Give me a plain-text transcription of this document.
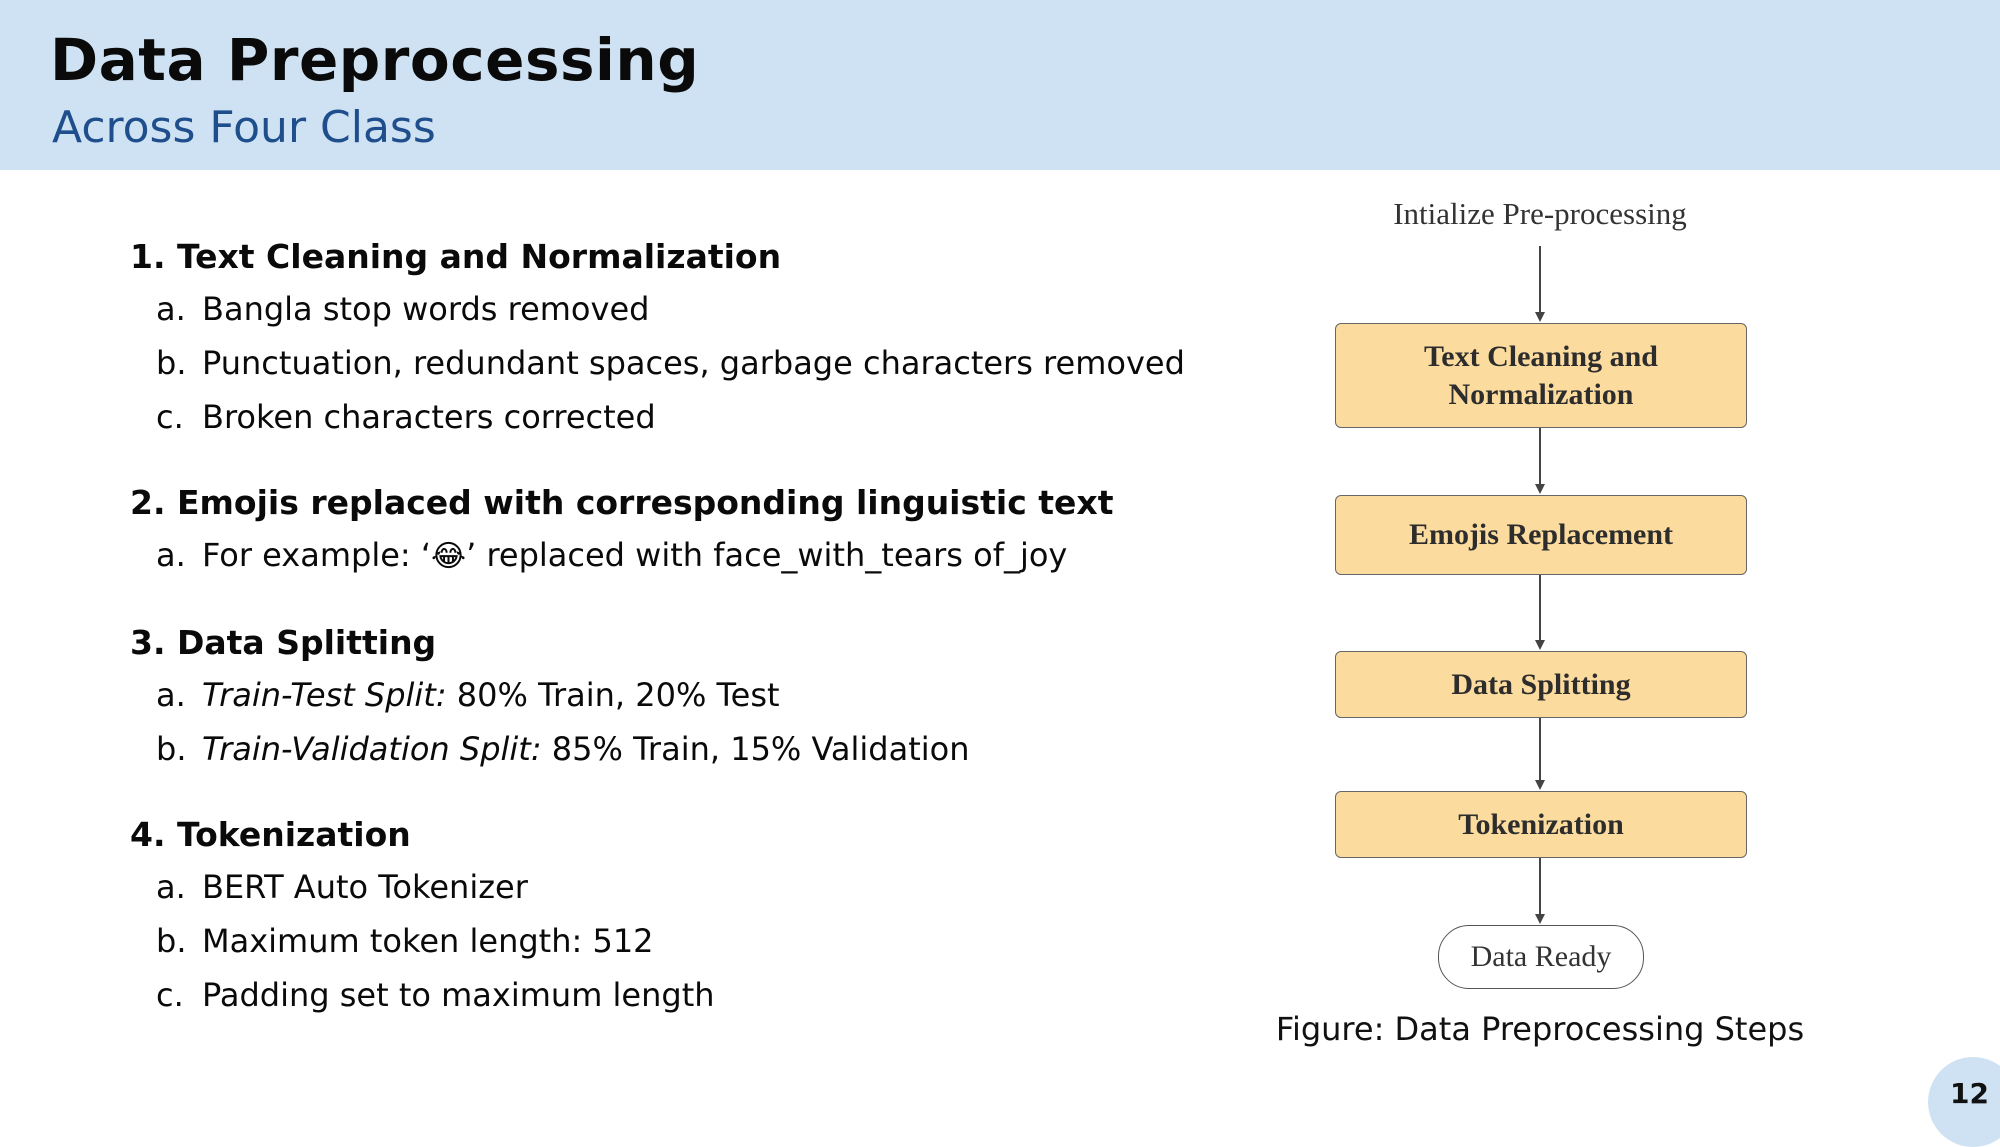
Data Preprocessing
Across Four Class
1. Text Cleaning and Normalization
a. Bangla stop words removed
b. Punctuation, redundant spaces, garbage characters removed
c. Broken characters corrected
2. Emojis replaced with corresponding linguistic text
a. For example: ‘😂’ replaced with face_with_tears of_joy
3. Data Splitting
a. Train-Test Split: 80% Train, 20% Test
b. Train-Validation Split: 85% Train, 15% Validation
4. Tokenization
a. BERT Auto Tokenizer
b. Maximum token length: 512
c. Padding set to maximum length
Intialize Pre-processing
Text Cleaning and
Normalization
Emojis Replacement
Data Splitting
Tokenization
Data Ready
Figure: Data Preprocessing Steps
12
